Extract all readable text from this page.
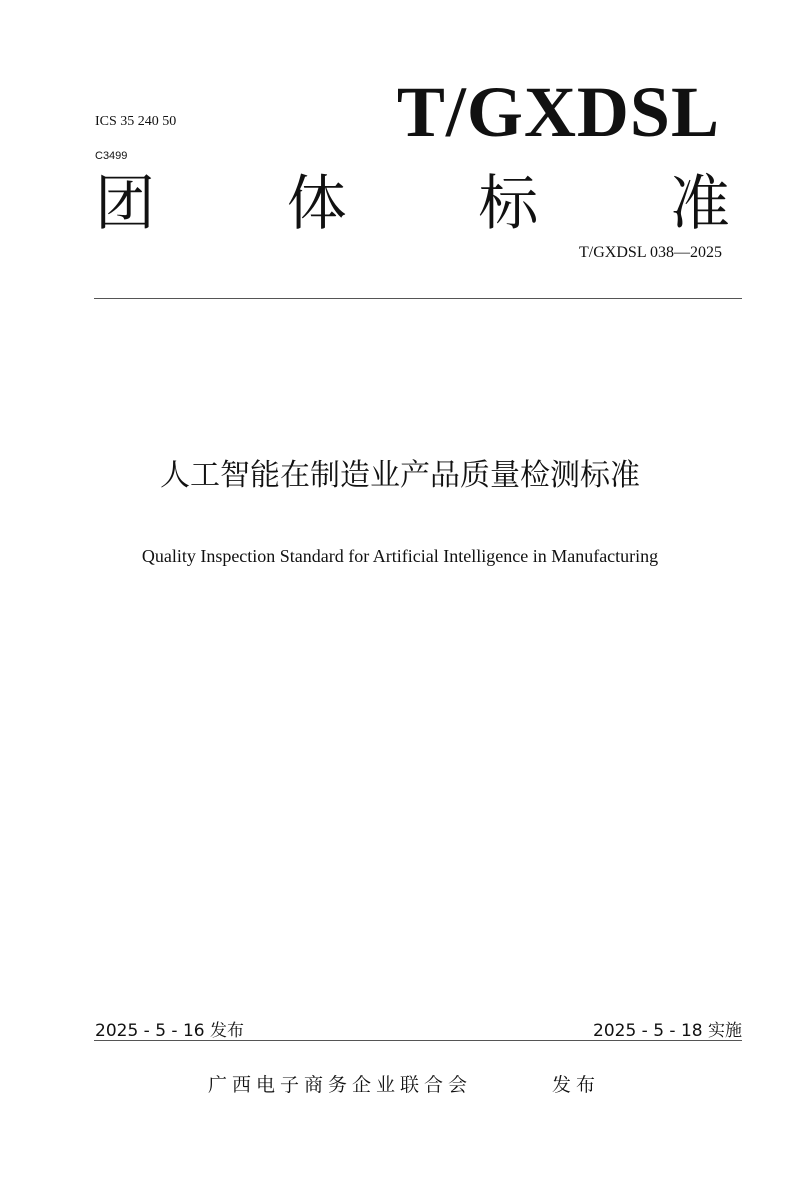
ICS 35 240 50
C3499
T/GXDSL
团 体 标 准
T/GXDSL 038—2025
人工智能在制造业产品质量检测标准
Quality Inspection Standard for Artificial Intelligence in Manufacturing
2025 - 5 - 16 发布	2025 - 5 - 18 实施
广西电子商务企业联合会	发布
